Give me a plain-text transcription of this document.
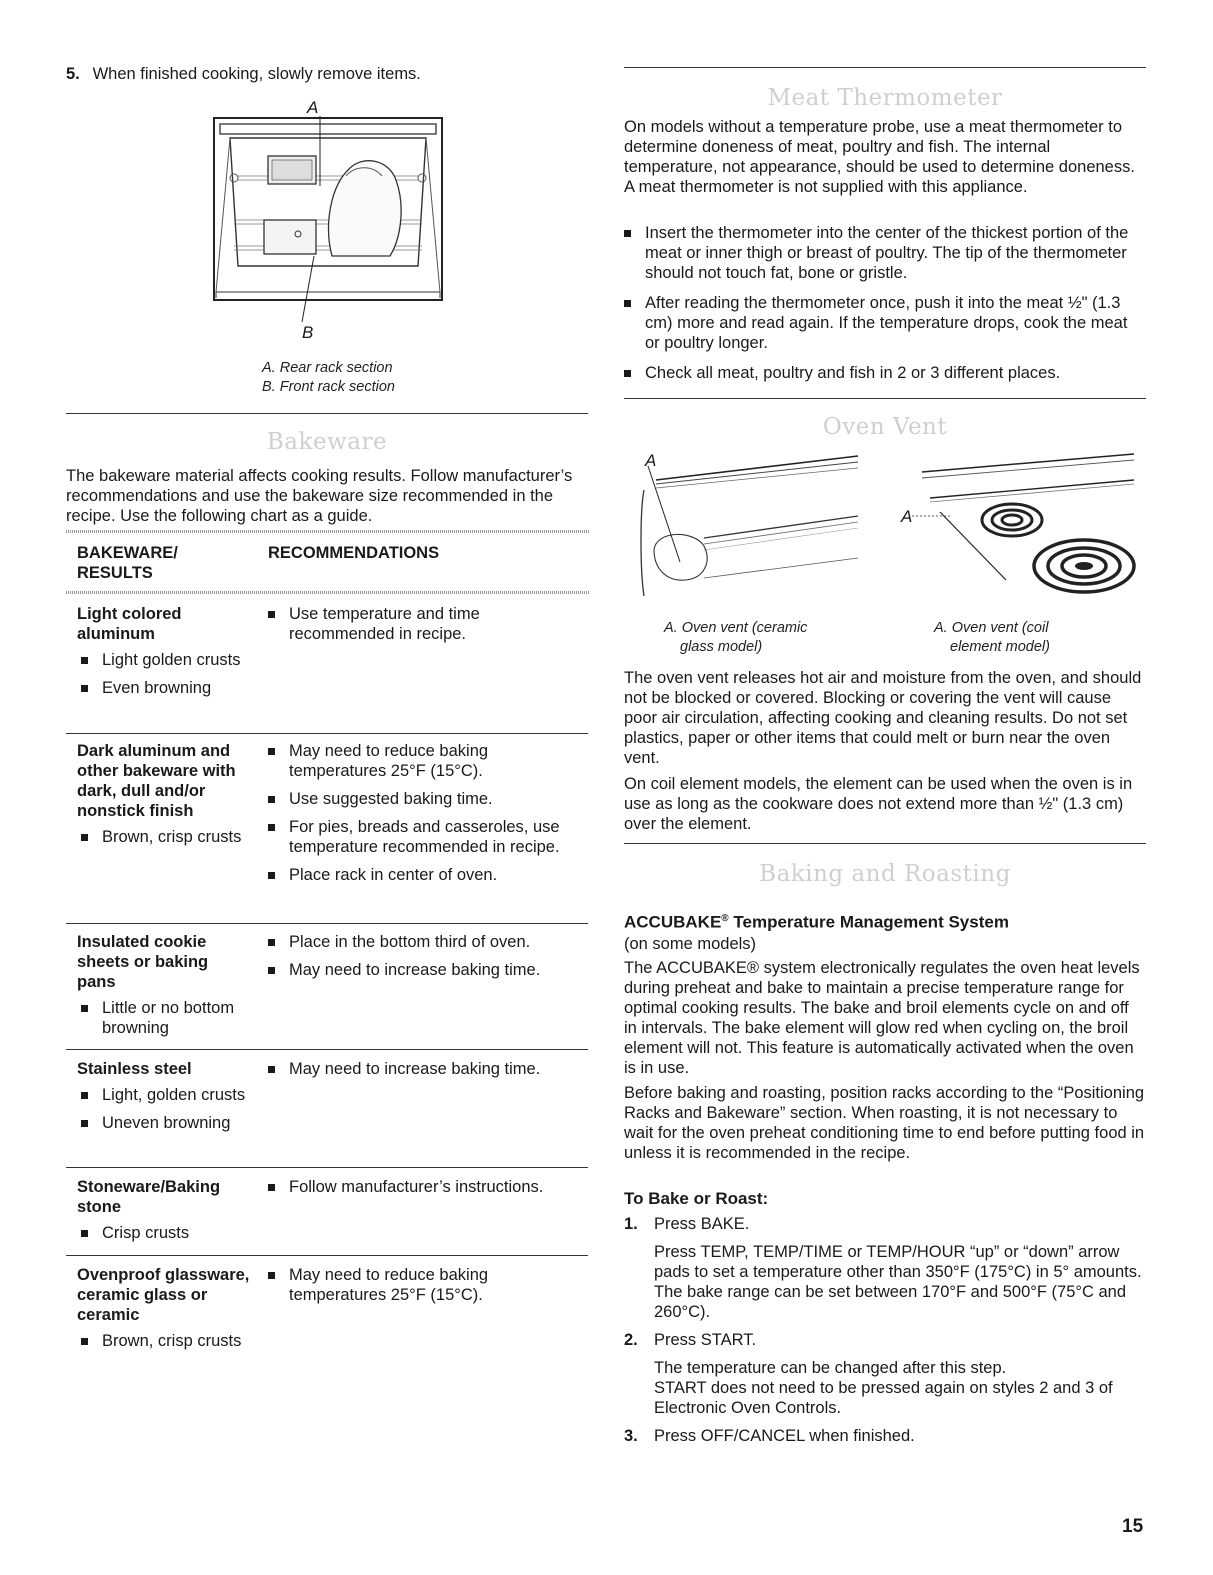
5. When finished cooking, slowly remove items.
A
B
A. Rear rack section
B. Front rack section
Bakeware

The bakeware material affects cooking results. Follow manufacturer’s recommendations and use the bakeware size recommended in the recipe. Use the following chart as a guide.

BAKEWARE/
RESULTS
RECOMMENDATIONS
Light colored aluminum
Light golden crusts
Even browning
Use temperature and time recommended in recipe.
Dark aluminum and other bakeware with dark, dull and/or nonstick finish
Brown, crisp crusts
May need to reduce baking temperatures 25°F (15°C).
Use suggested baking time.
For pies, breads and casseroles, use temperature recommended in recipe.
Place rack in center of oven.
Insulated cookie sheets or baking pans
Little or no bottom browning
Place in the bottom third of oven.
May need to increase baking time.
Stainless steel
Light, golden crusts
Uneven browning
May need to increase baking time.
Stoneware/Baking stone
Crisp crusts
Follow manufacturer’s instructions.
Ovenproof glassware, ceramic glass or ceramic
Brown, crisp crusts
May need to reduce baking temperatures 25°F (15°C).
Meat Thermometer

On models without a temperature probe, use a meat thermometer to determine doneness of meat, poultry and fish. The internal temperature, not appearance, should be used to determine doneness. A meat thermometer is not supplied with this appliance.

Insert the thermometer into the center of the thickest portion of the meat or inner thigh or breast of poultry. The tip of the thermometer should not touch fat, bone or gristle.
After reading the thermometer once, push it into the meat ½" (1.3 cm) more and read again. If the temperature drops, cook the meat or poultry longer.
Check all meat, poultry and fish in 2 or 3 different places.
Oven Vent
A
A
A. Oven vent (ceramic
glass model)
A. Oven vent (coil
element model)

The oven vent releases hot air and moisture from the oven, and should not be blocked or covered. Blocking or covering the vent will cause poor air circulation, affecting cooking and cleaning results. Do not set plastics, paper or other items that could melt or burn near the oven vent.

On coil element models, the element can be used when the oven is in use as long as the cookware does not extend more than ½" (1.3 cm) over the element.

Baking and Roasting
ACCUBAKE® Temperature Management System

(on some models)

The ACCUBAKE® system electronically regulates the oven heat levels during preheat and bake to maintain a precise temperature range for optimal cooking results. The bake and broil elements cycle on and off in intervals. The bake element will glow red when cycling on, the broil element will not. This feature is automatically activated when the oven is in use.

Before baking and roasting, position racks according to the “Positioning Racks and Bakeware” section. When roasting, it is not necessary to wait for the oven preheat conditioning time to end before putting food in unless it is recommended in the recipe.

To Bake or Roast:
1. Press BAKE.
Press TEMP, TEMP/TIME or TEMP/HOUR “up” or “down” arrow pads to set a temperature other than 350°F (175°C) in 5° amounts. The bake range can be set between 170°F and 500°F (75°C and 260°C).
2. Press START.
The temperature can be changed after this step.
START does not need to be pressed again on styles 2 and 3 of Electronic Oven Controls.
3. Press OFF/CANCEL when finished.
15
